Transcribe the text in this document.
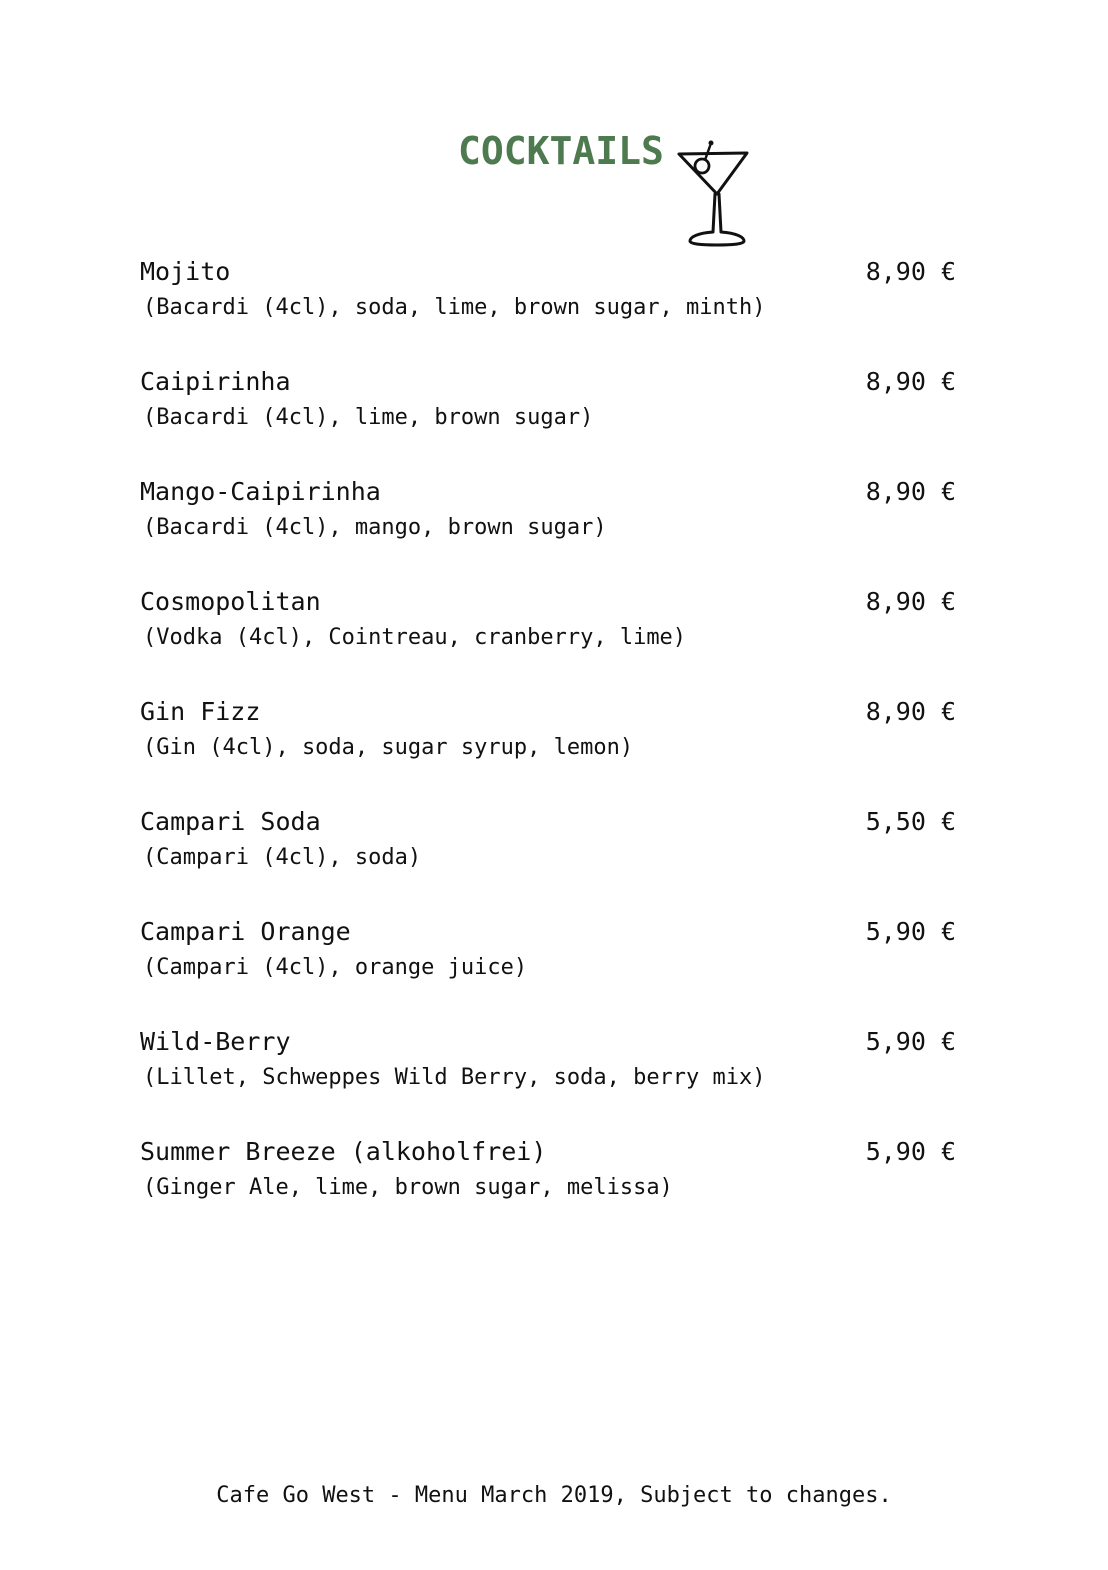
COCKTAILS
Mojito	8,90 €
(Bacardi (4cl), soda, lime, brown sugar, minth)
Caipirinha	8,90 €
(Bacardi (4cl), lime, brown sugar)
Mango-Caipirinha	8,90 €
(Bacardi (4cl), mango, brown sugar)
Cosmopolitan	8,90 €
(Vodka (4cl), Cointreau, cranberry, lime)
Gin Fizz	8,90 €
(Gin (4cl), soda, sugar syrup, lemon)
Campari Soda	5,50 €
(Campari (4cl), soda)
Campari Orange	5,90 €
(Campari (4cl), orange juice)
Wild-Berry	5,90 €
(Lillet, Schweppes Wild Berry, soda, berry mix)
Summer Breeze (alkoholfrei)	5,90 €
(Ginger Ale, lime, brown sugar, melissa)
Cafe Go West - Menu March 2019, Subject to changes.
